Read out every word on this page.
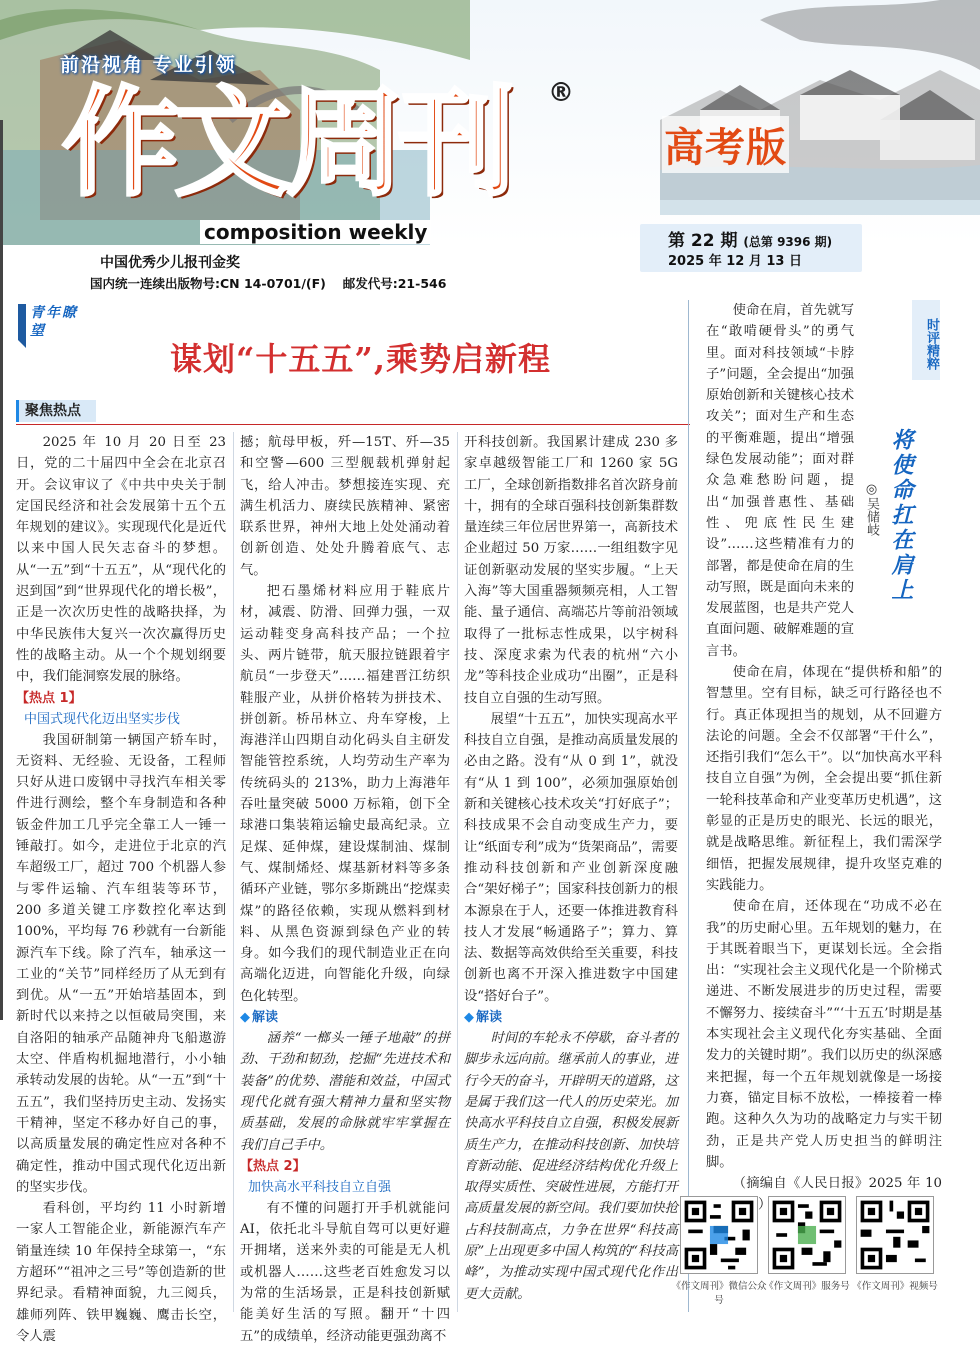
前沿视角 专业引领
作文周刊 ®
composition weekly
高考版
中国优秀少儿报刊金奖
国内统一连续出版物号:CN 14-0701/(F)　 邮发代号:21-546
第 22 期 (总第 9396 期)
2025 年 12 月 13 日
青年瞭望
谋划“十五五”,乘势启新程
聚焦热点

2025 年 10 月 20 日至 23 日，党的二十届四中全会在北京召开。会议审议了《中共中央关于制定国民经济和社会发展第十五个五年规划的建议》。实现现代化是近代以来中国人民矢志奋斗的梦想。从“一五”到“十五五”，从“现代化的迟到国”到“世界现代化的增长极”，正是一次次历史性的战略抉择，为中华民族伟大复兴一次次赢得历史性的战略主动。从一个个规划纲要中，我们能洞察发展的脉络。

【热点 1】
中国式现代化迈出坚实步伐

我国研制第一辆国产轿车时，无资料、无经验、无设备，工程师只好从进口废钢中寻找汽车相关零件进行测绘，整个车身制造和各种钣金件加工几乎完全靠工人一锤一锤敲打。如今，走进位于北京的汽车超级工厂，超过 700 个机器人参与零件运输、汽车组装等环节，200 多道关键工序数控化率达到 100%，平均每 76 秒就有一台新能源汽车下线。除了汽车，轴承这一工业的“关节”同样经历了从无到有到优。从“一五”开始培基固本，到新时代以来持之以恒破局突围，来自洛阳的轴承产品随神舟飞船遨游太空、伴盾构机掘地潜行，小小轴承转动发展的齿轮。从“一五”到“十五五”，我们坚持历史主动、发扬实干精神，坚定不移办好自己的事，以高质量发展的确定性应对各种不确定性，推动中国式现代化迈出新的坚实步伐。

看科创，平均约 11 小时新增一家人工智能企业，新能源汽车产销量连续 10 年保持全球第一，“东方超环”“祖冲之三号”等创造新的世界纪录。看精神面貌，九三阅兵，雄师列阵、铁甲巍巍、鹰击长空，令人震

撼；航母甲板，歼—15T、歼—35 和空警—600 三型舰载机弹射起飞，给人冲击。梦想接连实现、充满生机活力、赓续民族精神、紧密联系世界，神州大地上处处涌动着创新创造、处处升腾着底气、志气。

把石墨烯材料应用于鞋底片材，减震、防滑、回弹力强，一双运动鞋变身高科技产品；一个拉头、两片链带，航天服拉链跟着宇航员“一步登天”……福建晋江纺织鞋服产业，从拼价格转为拼技术、拼创新。桥吊林立、舟车穿梭，上海港洋山四期自动化码头自主研发智能管控系统，人均劳动生产率为传统码头的 213%，助力上海港年吞吐量突破 5000 万标箱，创下全球港口集装箱运输史最高纪录。立足煤、延伸煤，建设煤制油、煤制气、煤制烯烃、煤基新材料等多条循环产业链，鄂尔多斯跳出“挖煤卖煤”的路径依赖，实现从燃料到材料、从黑色资源到绿色产业的转身。如今我们的现代制造业正在向高端化迈进，向智能化升级，向绿色化转型。

◆ 解读

涵养“一榔头一锤子地敲”的拼劲、干劲和韧劲，挖掘“先进技术和装备”的优势、潜能和效益，中国式现代化就有强大精神力量和坚实物质基础，发展的命脉就牢牢掌握在我们自己手中。

【热点 2】
加快高水平科技自立自强

有不懂的问题打开手机就能问 AI，依托北斗导航自驾可以更好避开拥堵，送来外卖的可能是无人机或机器人……这些老百姓愈发习以为常的生活场景，正是科技创新赋能美好生活的写照。翻开“十四五”的成绩单，经济动能更强劲离不

开科技创新。我国累计建成 230 多家卓越级智能工厂和 1260 家 5G 工厂，全球创新指数排名首次跻身前十，拥有的全球百强科技创新集群数量连续三年位居世界第一，高新技术企业超过 50 万家……一组组数字见证创新驱动发展的坚实步履。“上天入海”等大国重器频频亮相，人工智能、量子通信、高端芯片等前沿领域取得了一批标志性成果，以宇树科技、深度求索为代表的杭州“六小龙”等科技企业成功“出圈”，正是科技自立自强的生动写照。

展望“十五五”，加快实现高水平科技自立自强，是推动高质量发展的必由之路。没有“从 0 到 1”，就没有“从 1 到 100”，必须加强原始创新和关键核心技术攻关“打好底子”；科技成果不会自动变成生产力，要让“纸面专利”成为“货架商品”，需要推动科技创新和产业创新深度融合“架好梯子”；国家科技创新力的根本源泉在于人，还要一体推进教育科技人才发展“畅通路子”；算力、算法、数据等高效供给至关重要，科技创新也离不开深入推进数字中国建设“搭好台子”。

◆ 解读

时间的车轮永不停歇，奋斗者的脚步永远向前。继承前人的事业，进行今天的奋斗，开辟明天的道路，这是属于我们这一代人的历史荣光。加快高水平科技自立自强，积极发展新质生产力，在推动科技创新、加快培育新动能、促进经济结构优化升级上取得实质性、突破性进展，方能打开高质量发展的新空间。我们要加快抢占科技制高点，力争在世界“科技高原”上出现更多中国人构筑的“科技高峰”，为推动实现中国式现代化作出更大贡献。

时评精粹
将使命扛在肩上
◎吴储岐

使命在肩，首先就写在“敢啃硬骨头”的勇气里。面对科技领域“卡脖子”问题，全会提出“加强原始创新和关键核心技术攻关”；面对生产和生态的平衡难题，提出“增强绿色发展动能”；面对群众急难愁盼问题，提出“加强普惠性、基础性、兜底性民生建设”……这些精准有力的部署，都是使命在肩的生动写照，既是面向未来的发展蓝图，也是共产党人直面问题、破解难题的宣言书。

使命在肩，体现在“提供桥和船”的智慧里。空有目标，缺乏可行路径也不行。真正体现担当的规划，从不回避方法论的问题。全会不仅部署“干什么”，还指引我们“怎么干”。以“加快高水平科技自立自强”为例，全会提出要“抓住新一轮科技革命和产业变革历史机遇”，这彰显的正是历史的眼光、长远的眼光，就是战略思维。新征程上，我们需深学细悟，把握发展规律，提升攻坚克难的实践能力。

使命在肩，还体现在“功成不必在我”的历史耐心里。五年规划的魅力，在于其既着眼当下，更谋划长远。全会指出：“实现社会主义现代化是一个阶梯式递进、不断发展进步的历史过程，需要不懈努力、接续奋斗”“‘十五五’时期是基本实现社会主义现代化夯实基础、全面发力的关键时期”。我们以历史的纵深感来把握，每一个五年规划就像是一场接力赛，锚定目标不放松，一棒接着一棒跑。这种久久为功的战略定力与实干韧劲，正是共产党人历史担当的鲜明注脚。

（摘编自《人民日报》2025 年 10 日）

《作文周刊》微信公众号
《作文周刊》服务号 《作文周刊》视频号
